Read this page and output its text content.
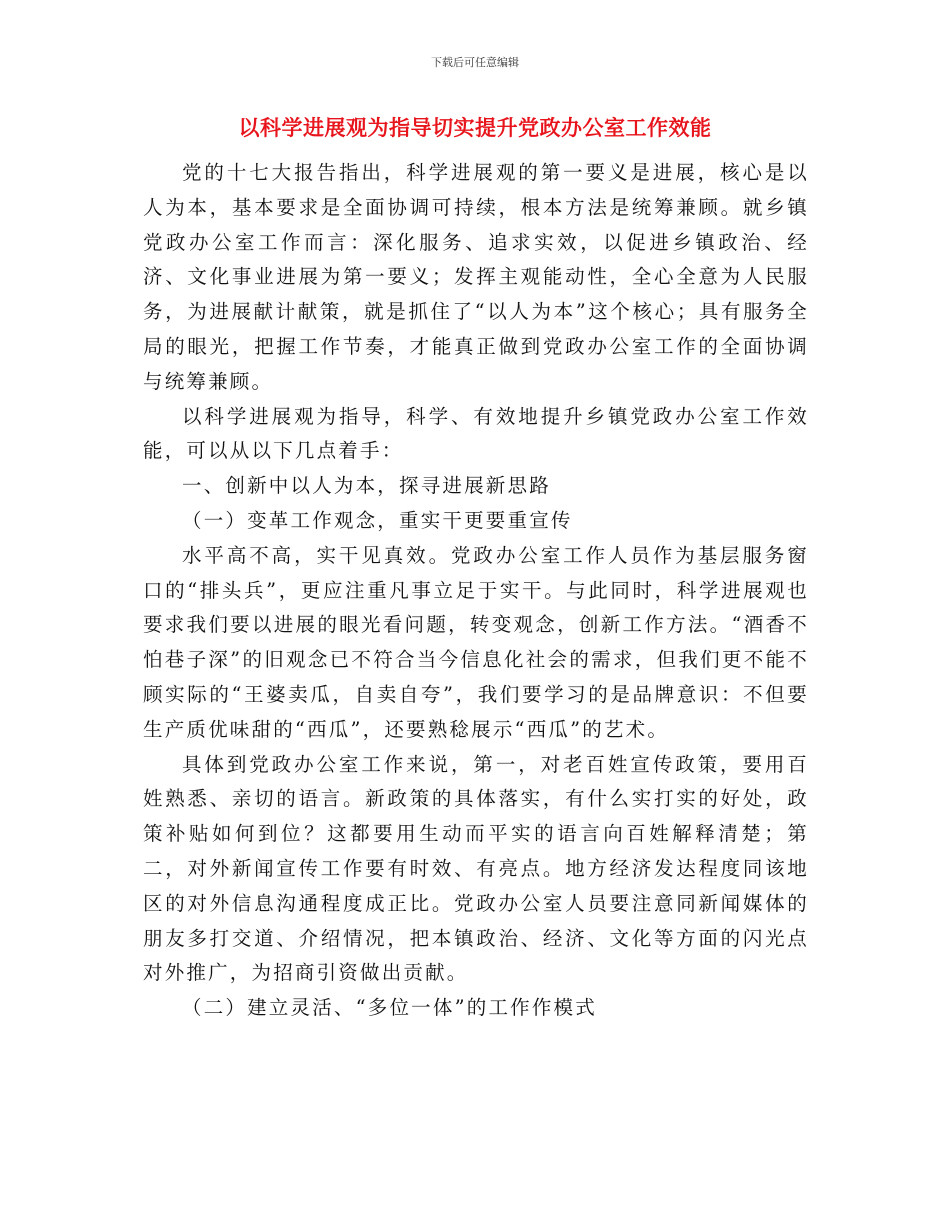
下载后可任意编辑
以科学进展观为指导切实提升党政办公室工作效能

党的十七大报告指出，科学进展观的第一要义是进展，核心是以人为本，基本要求是全面协调可持续，根本方法是统筹兼顾。就乡镇党政办公室工作而言：深化服务、追求实效，以促进乡镇政治、经济、文化事业进展为第一要义；发挥主观能动性，全心全意为人民服务，为进展献计献策，就是抓住了“以人为本”这个核心；具有服务全局的眼光，把握工作节奏，才能真正做到党政办公室工作的全面协调与统筹兼顾。

以科学进展观为指导，科学、有效地提升乡镇党政办公室工作效能，可以从以下几点着手：

一、创新中以人为本，探寻进展新思路

（一）变革工作观念，重实干更要重宣传

水平高不高，实干见真效。党政办公室工作人员作为基层服务窗口的“排头兵”，更应注重凡事立足于实干。与此同时，科学进展观也要求我们要以进展的眼光看问题，转变观念，创新工作方法。“酒香不怕巷子深”的旧观念已不符合当今信息化社会的需求，但我们更不能不顾实际的“王婆卖瓜，自卖自夸”，我们要学习的是品牌意识：不但要生产质优味甜的“西瓜”，还要熟稔展示“西瓜”的艺术。

具体到党政办公室工作来说，第一，对老百姓宣传政策，要用百姓熟悉、亲切的语言。新政策的具体落实，有什么实打实的好处，政策补贴如何到位？这都要用生动而平实的语言向百姓解释清楚；第二，对外新闻宣传工作要有时效、有亮点。地方经济发达程度同该地区的对外信息沟通程度成正比。党政办公室人员要注意同新闻媒体的朋友多打交道、介绍情况，把本镇政治、经济、文化等方面的闪光点对外推广，为招商引资做出贡献。

（二）建立灵活、“多位一体”的工作作模式
